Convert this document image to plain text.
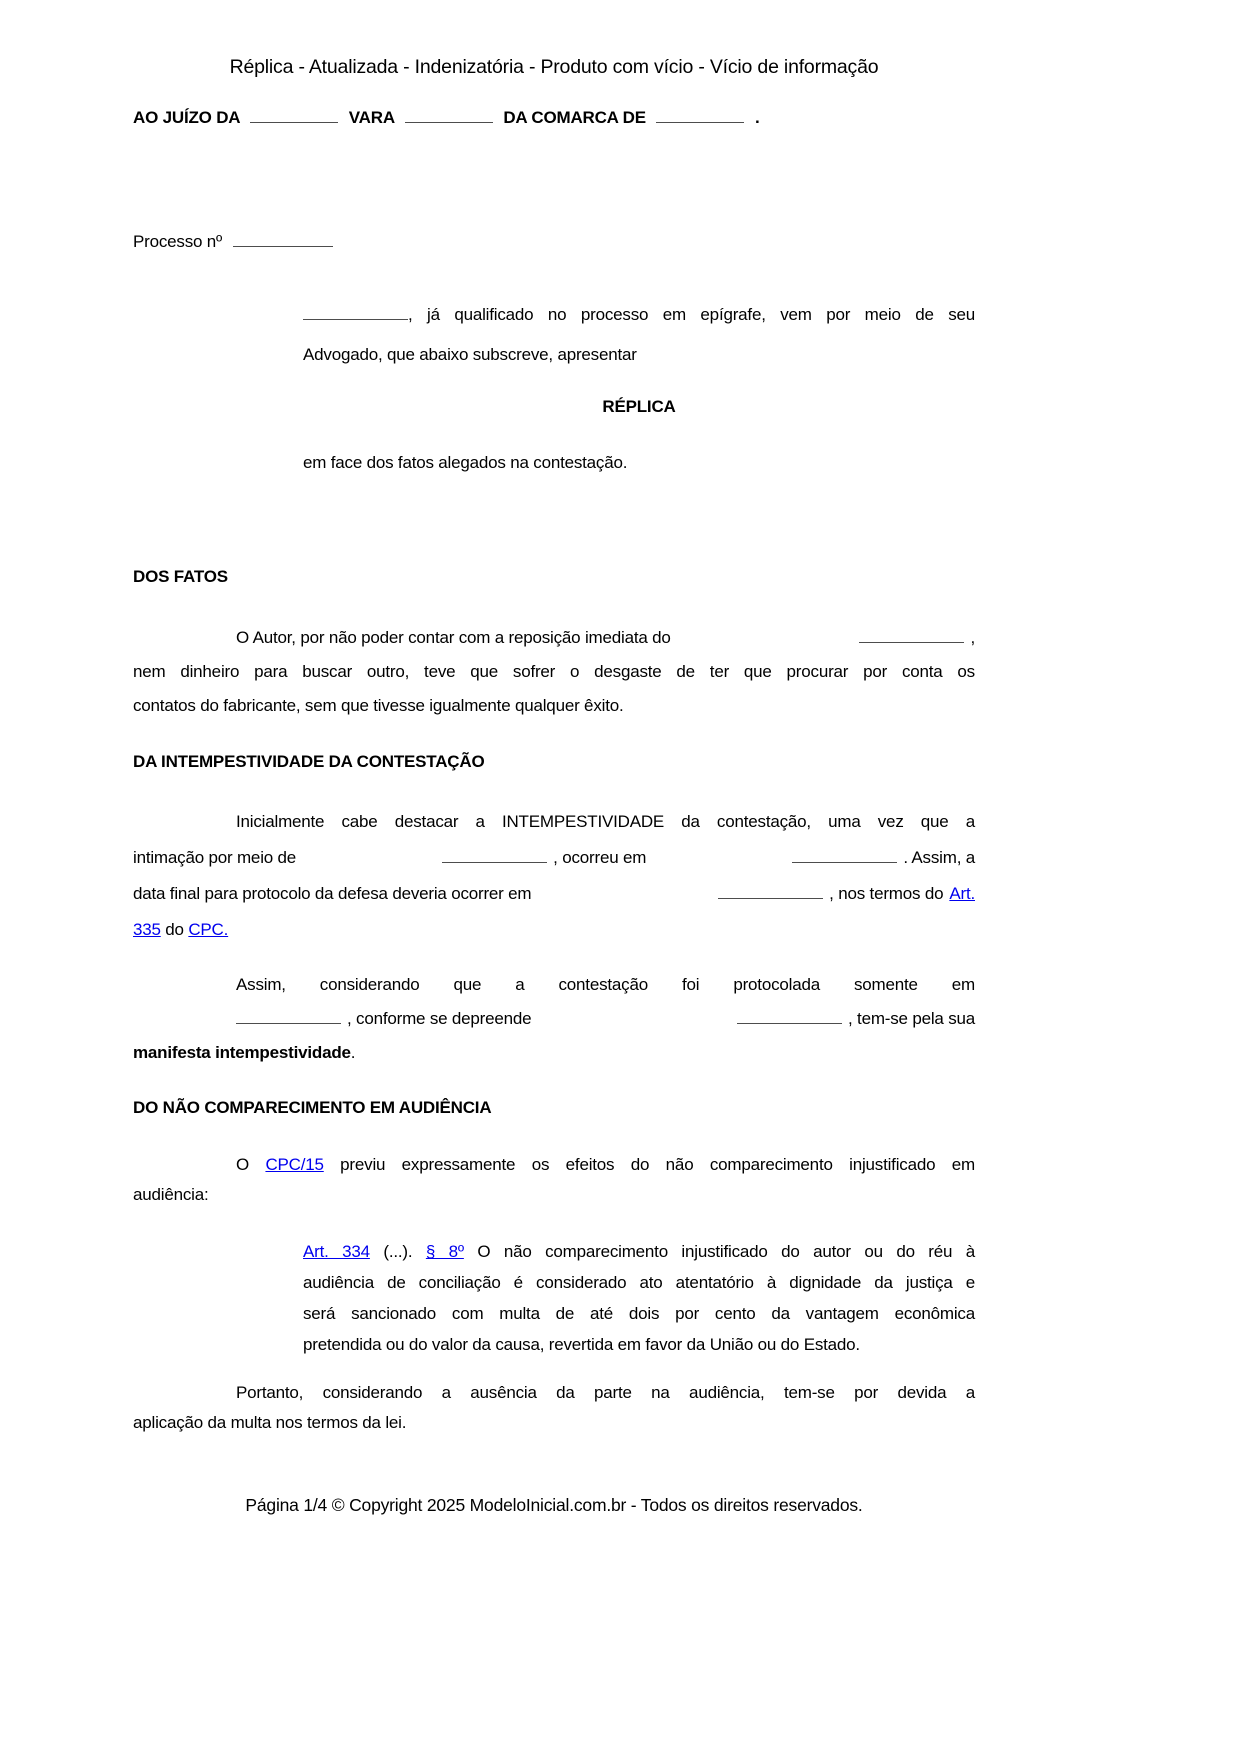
Réplica - Atualizada - Indenizatória - Produto com vício - Vício de informação
AO JUÍZO DA	VARA	DA COMARCA DE	.
Processo nº
, já qualificado no processo em epígrafe, vem por meio de seu
Advogado, que abaixo subscreve, apresentar
RÉPLICA
em face dos fatos alegados na contestação.
DOS FATOS
O Autor, por não poder contar com a reposição imediata do	,
nem dinheiro para buscar outro, teve que sofrer o desgaste de ter que procurar por conta os
contatos do fabricante, sem que tivesse igualmente qualquer êxito.
DA INTEMPESTIVIDADE DA CONTESTAÇÃO
Inicialmente cabe destacar a INTEMPESTIVIDADE da contestação, uma vez que a
intimação por meio de	, ocorreu em	. Assim, a
data final para protocolo da defesa deveria ocorrer em	, nos termos do Art.
335 do CPC.
Assim, considerando que a contestação foi protocolada somente em
, conforme se depreende	, tem-se pela sua
manifesta intempestividade.
DO NÃO COMPARECIMENTO EM AUDIÊNCIA
O CPC/15 previu expressamente os efeitos do não comparecimento injustificado em
audiência:
Art. 334 (...). § 8º O não comparecimento injustificado do autor ou do réu à
audiência de conciliação é considerado ato atentatório à dignidade da justiça e
será sancionado com multa de até dois por cento da vantagem econômica
pretendida ou do valor da causa, revertida em favor da União ou do Estado.
Portanto, considerando a ausência da parte na audiência, tem-se por devida a
aplicação da multa nos termos da lei.
Página 1/4 © Copyright 2025 ModeloInicial.com.br - Todos os direitos reservados.
